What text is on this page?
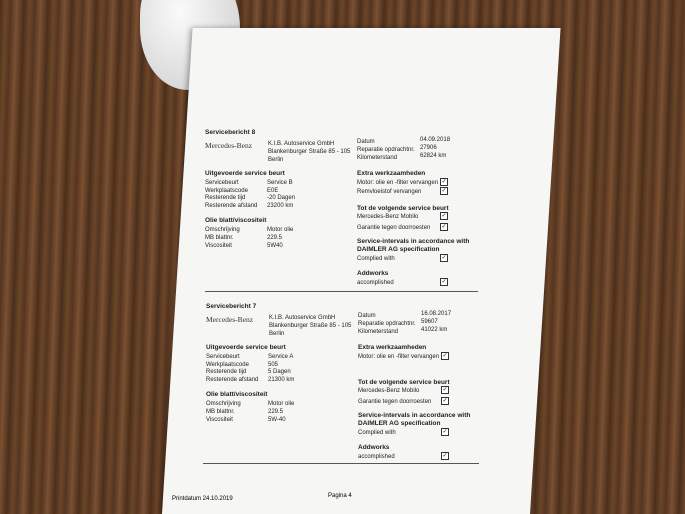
Servicebericht 8
Mercedes-Benz	K.I.B. Autoservice GmbH
Blankenburger Straße 85 - 105
Berlin
Datum	04.09.2018
Reparatie opdrachtnr. 27906
Kilometerstand	62824 km
Uitgevoerde service beurt
Servicebeurt	Service B
Werkplaatscode	E0E
Resterende tijd	-20 Dagen
Resterende afstand 23200 km
Olie blatt/viscositeit
Omschrijving	Motor olie
MB blattnr.	229.5
Viscositeit	5W40
Extra werkzaamheden
Motor: olie en -filter vervangen ✓
Remvloeistof vervangen	✓
Tot de volgende service beurt
Mercedes-Benz Mobilo	✓
Garantie tegen doorroesten ✓
Service-intervals in accordance with
DAIMLER AG specification
Complied with	✓
Addworks
accomplished	✓
Servicebericht 7
Mercedes-Benz	K.I.B. Autoservice GmbH
Blankenburger Straße 85 - 105
Berlin
Datum	16.08.2017
Reparatie opdrachtnr. 59607
Kilometerstand	41022 km
Uitgevoerde service beurt
Servicebeurt	Service A
Werkplaatscode	505
Resterende tijd	5 Dagen
Resterende afstand 21300 km
Olie blatt/viscositeit
Omschrijving	Motor olie
MB blattnr.	229.5
Viscositeit	5W-40
Extra werkzaamheden
Motor: olie en -filter vervangen ✓
Tot de volgende service beurt
Mercedes-Benz Mobilo	✓
Garantie tegen doorroesten ✓
Service-intervals in accordance with
DAIMLER AG specification
Complied with	✓
Addworks
accomplished	✓
Printdatum 24.10.2019	Pagina 4
